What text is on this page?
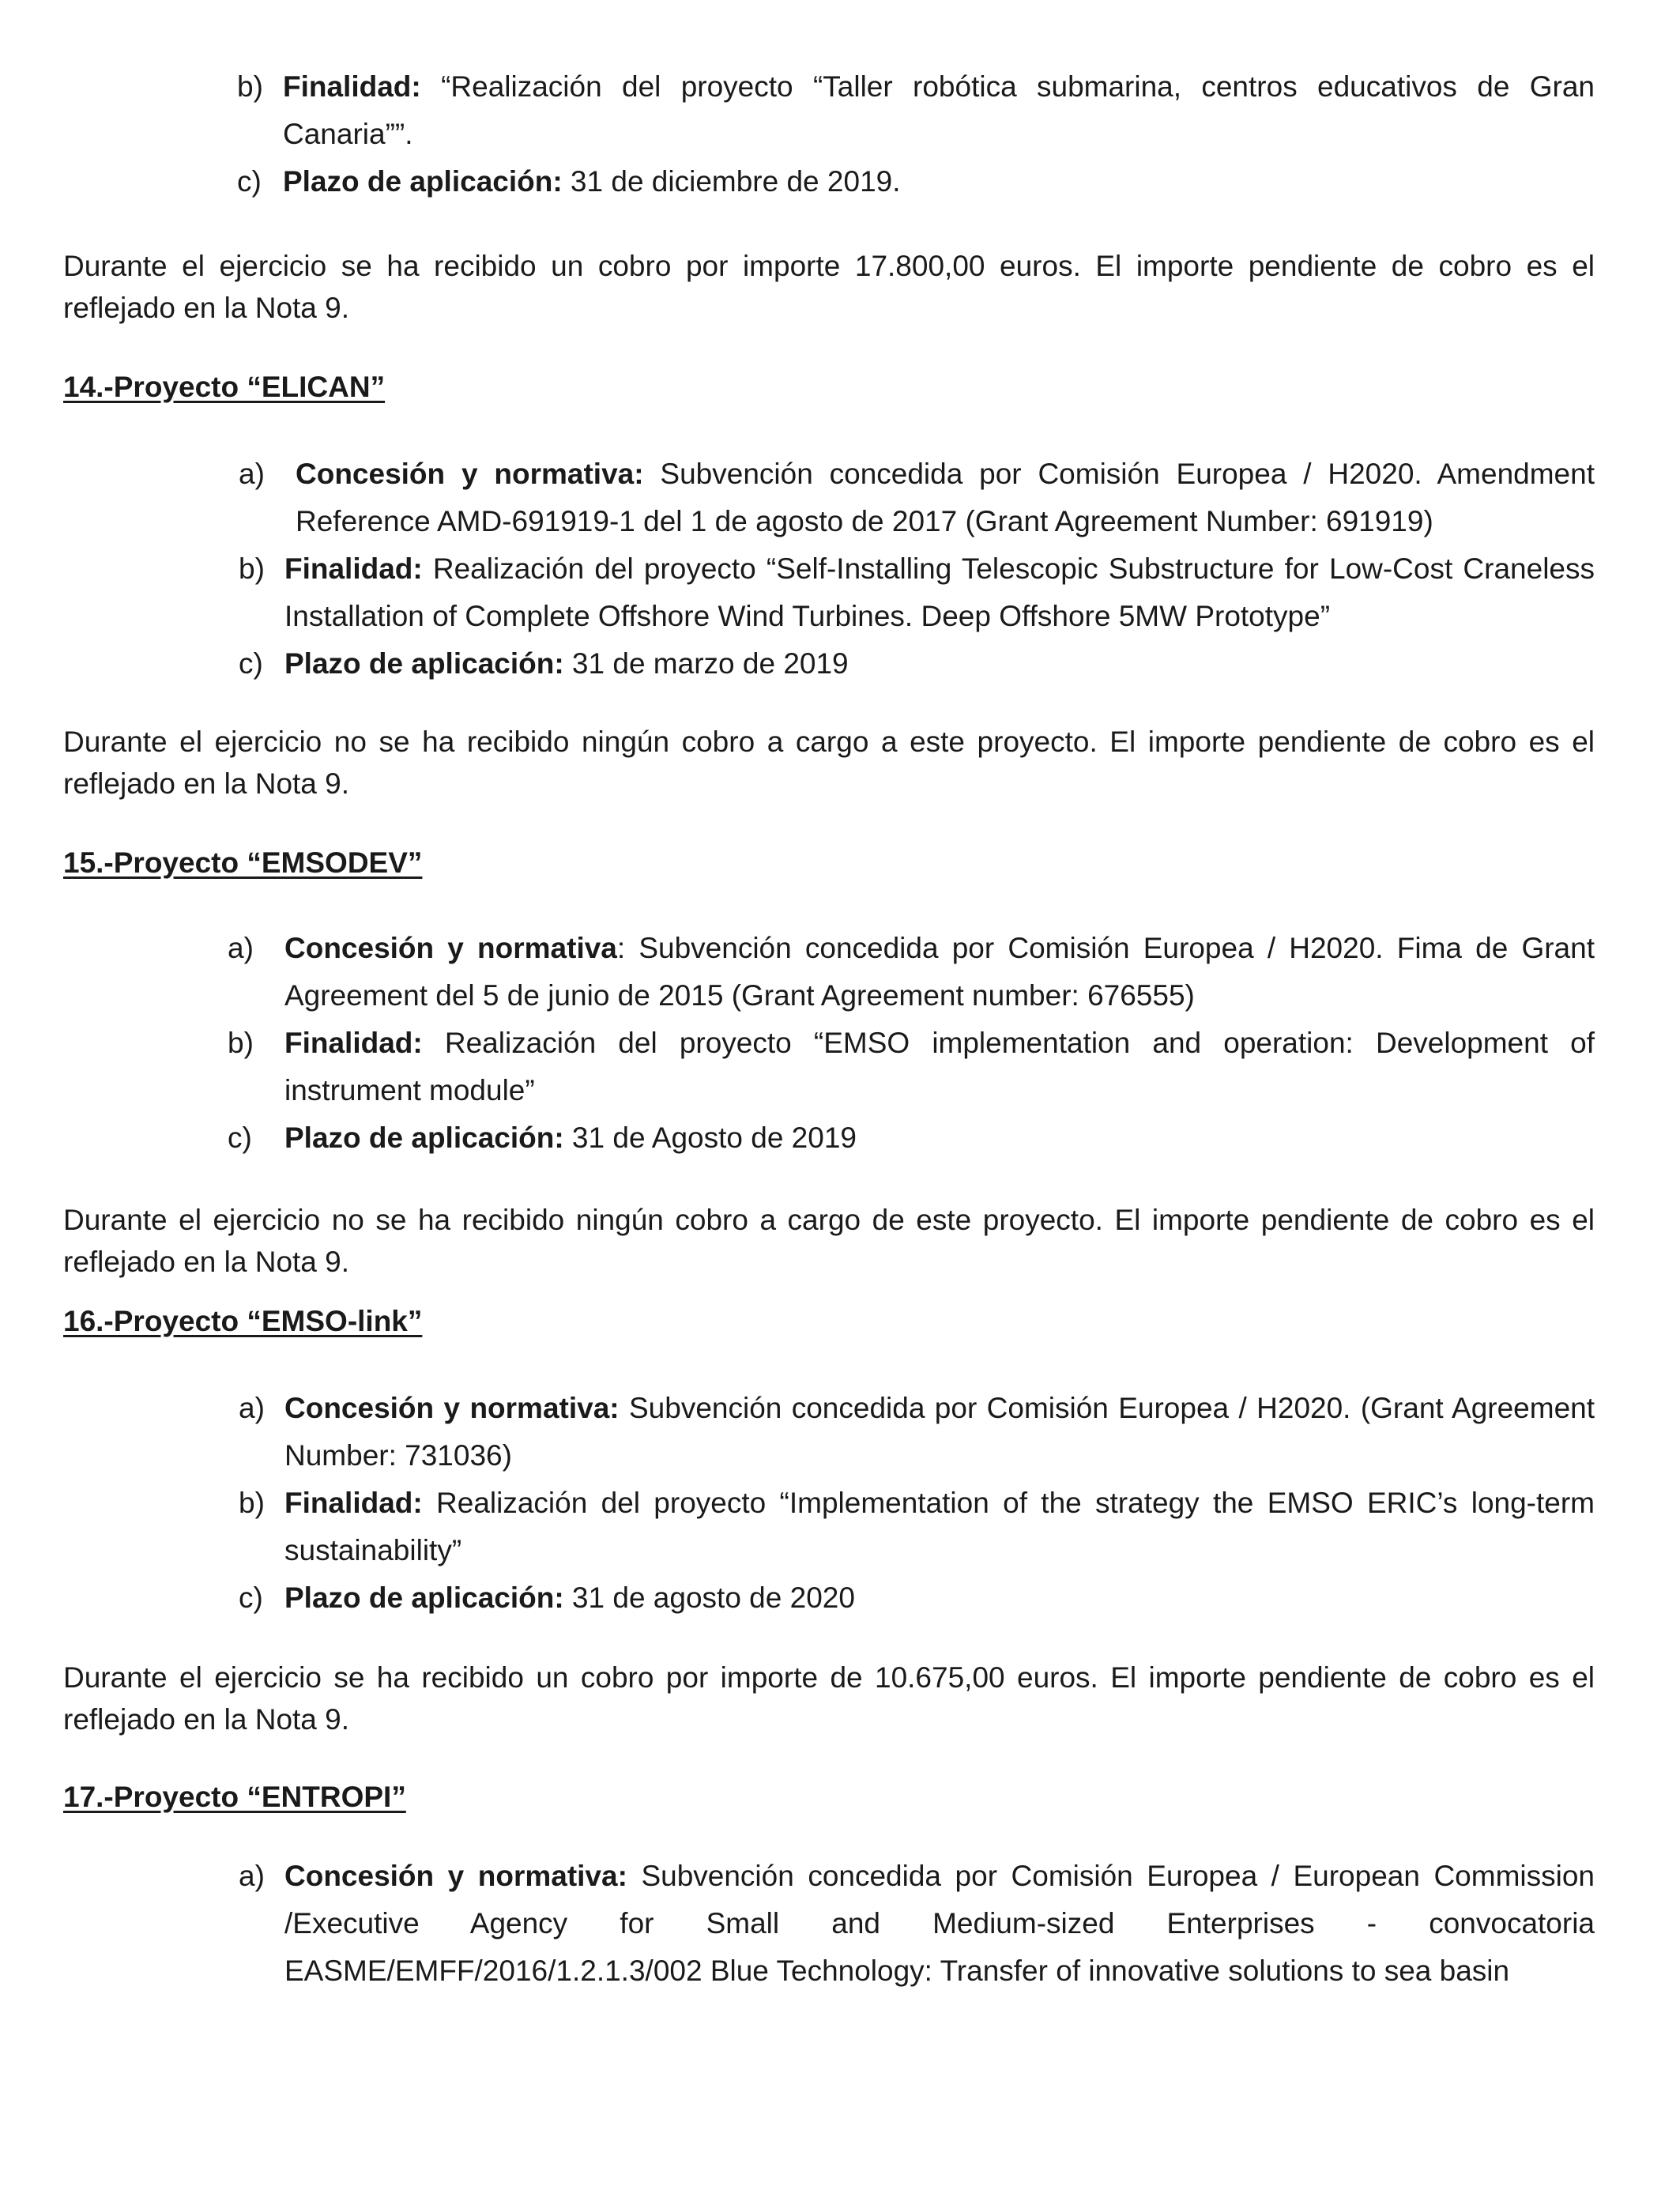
b) Finalidad: “Realización del proyecto “Taller robótica submarina, centros educativos de Gran Canaria””.
c) Plazo de aplicación: 31 de diciembre de 2019.

Durante el ejercicio se ha recibido un cobro por importe 17.800,00 euros. El importe pendiente de cobro es el reflejado en la Nota 9.

14.-Proyecto “ELICAN”

a)	Concesión y normativa: Subvención concedida por Comisión Europea / H2020. Amendment Reference AMD-691919-1 del 1 de agosto de 2017 (Grant Agreement Number: 691919)
b) Finalidad: Realización del proyecto “Self-Installing Telescopic Substructure for Low-Cost Craneless Installation of Complete Offshore Wind Turbines. Deep Offshore 5MW Prototype”
c) Plazo de aplicación: 31 de marzo de 2019

Durante el ejercicio no se ha recibido ningún cobro a cargo a este proyecto. El importe pendiente de cobro es el reflejado en la Nota 9.

15.-Proyecto “EMSODEV”

a)	Concesión y normativa: Subvención concedida por Comisión Europea / H2020. Fima de Grant Agreement del 5 de junio de 2015 (Grant Agreement number: 676555)
b)	Finalidad: Realización del proyecto “EMSO implementation and operation: Development of instrument module”
c)	Plazo de aplicación: 31 de Agosto de 2019

Durante el ejercicio no se ha recibido ningún cobro a cargo de este proyecto. El importe pendiente de cobro es el reflejado en la Nota 9.

16.-Proyecto “EMSO-link”

a) Concesión y normativa: Subvención concedida por Comisión Europea / H2020. (Grant Agreement Number: 731036)
b) Finalidad: Realización del proyecto “Implementation of the strategy the EMSO ERIC’s long-term sustainability”
c) Plazo de aplicación: 31 de agosto de 2020

Durante el ejercicio se ha recibido un cobro por importe de 10.675,00 euros. El importe pendiente de cobro es el reflejado en la Nota 9.

17.-Proyecto “ENTROPI”

a) Concesión y normativa: Subvención concedida por Comisión Europea / European Commission /Executive Agency for Small and Medium-sized Enterprises - convocatoria EASME/EMFF/2016/1.2.1.3/002 Blue Technology: Transfer of innovative solutions to sea basin
